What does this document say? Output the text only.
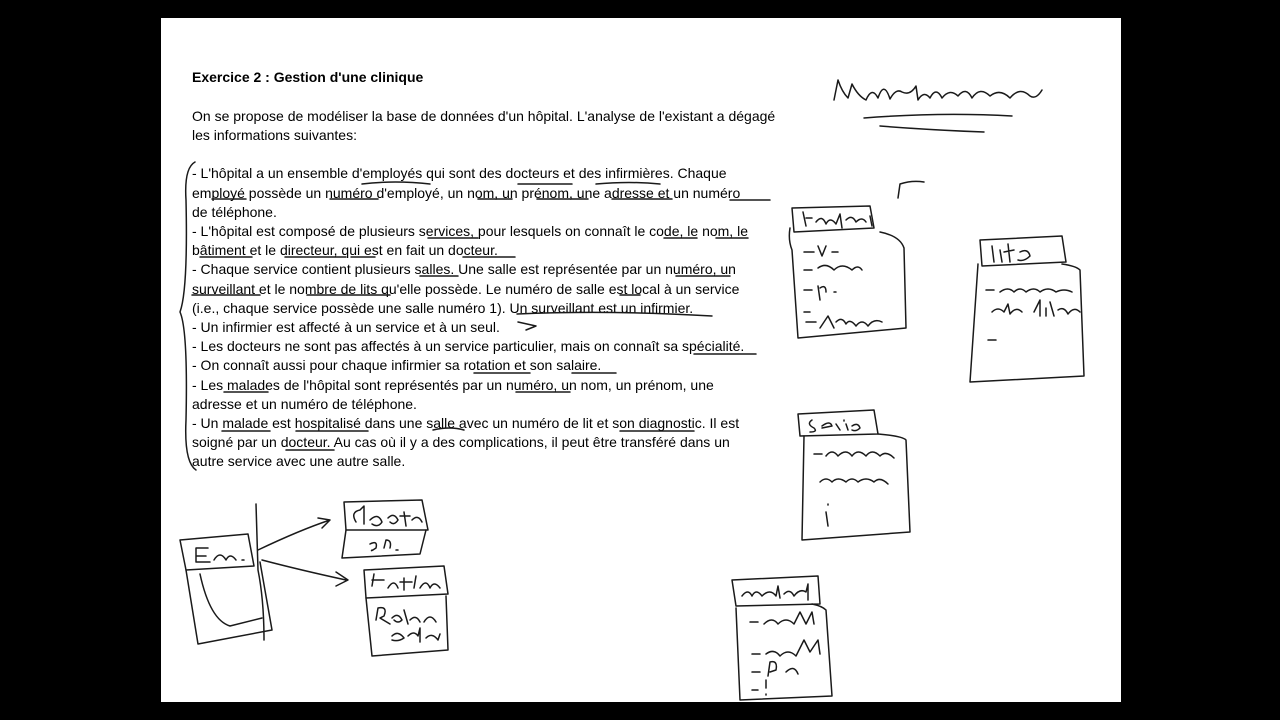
Exercice 2 : Gestion d'une clinique
On se propose de modéliser la base de données d'un hôpital. L'analyse de l'existant a dégagé
les informations suivantes:
- L'hôpital a un ensemble d'employés qui sont des docteurs et des infirmières. Chaque
employé possède un numéro d'employé, un nom, un prénom, une adresse et un numéro
de téléphone.
- L'hôpital est composé de plusieurs services, pour lesquels on connaît le code, le nom, le
bâtiment et le directeur, qui est en fait un docteur.
- Chaque service contient plusieurs salles. Une salle est représentée par un numéro, un
surveillant et le nombre de lits qu'elle possède. Le numéro de salle est local à un service
(i.e., chaque service possède une salle numéro 1). Un surveillant est un infirmier.
- Un infirmier est affecté à un service et à un seul.
- Les docteurs ne sont pas affectés à un service particulier, mais on connaît sa spécialité.
- On connaît aussi pour chaque infirmier sa rotation et son salaire.
- Les malades de l'hôpital sont représentés par un numéro, un nom, un prénom, une
adresse et un numéro de téléphone.
- Un malade est hospitalisé dans une salle avec un numéro de lit et son diagnostic. Il est
soigné par un docteur. Au cas où il y a des complications, il peut être transféré dans un
autre service avec une autre salle.
